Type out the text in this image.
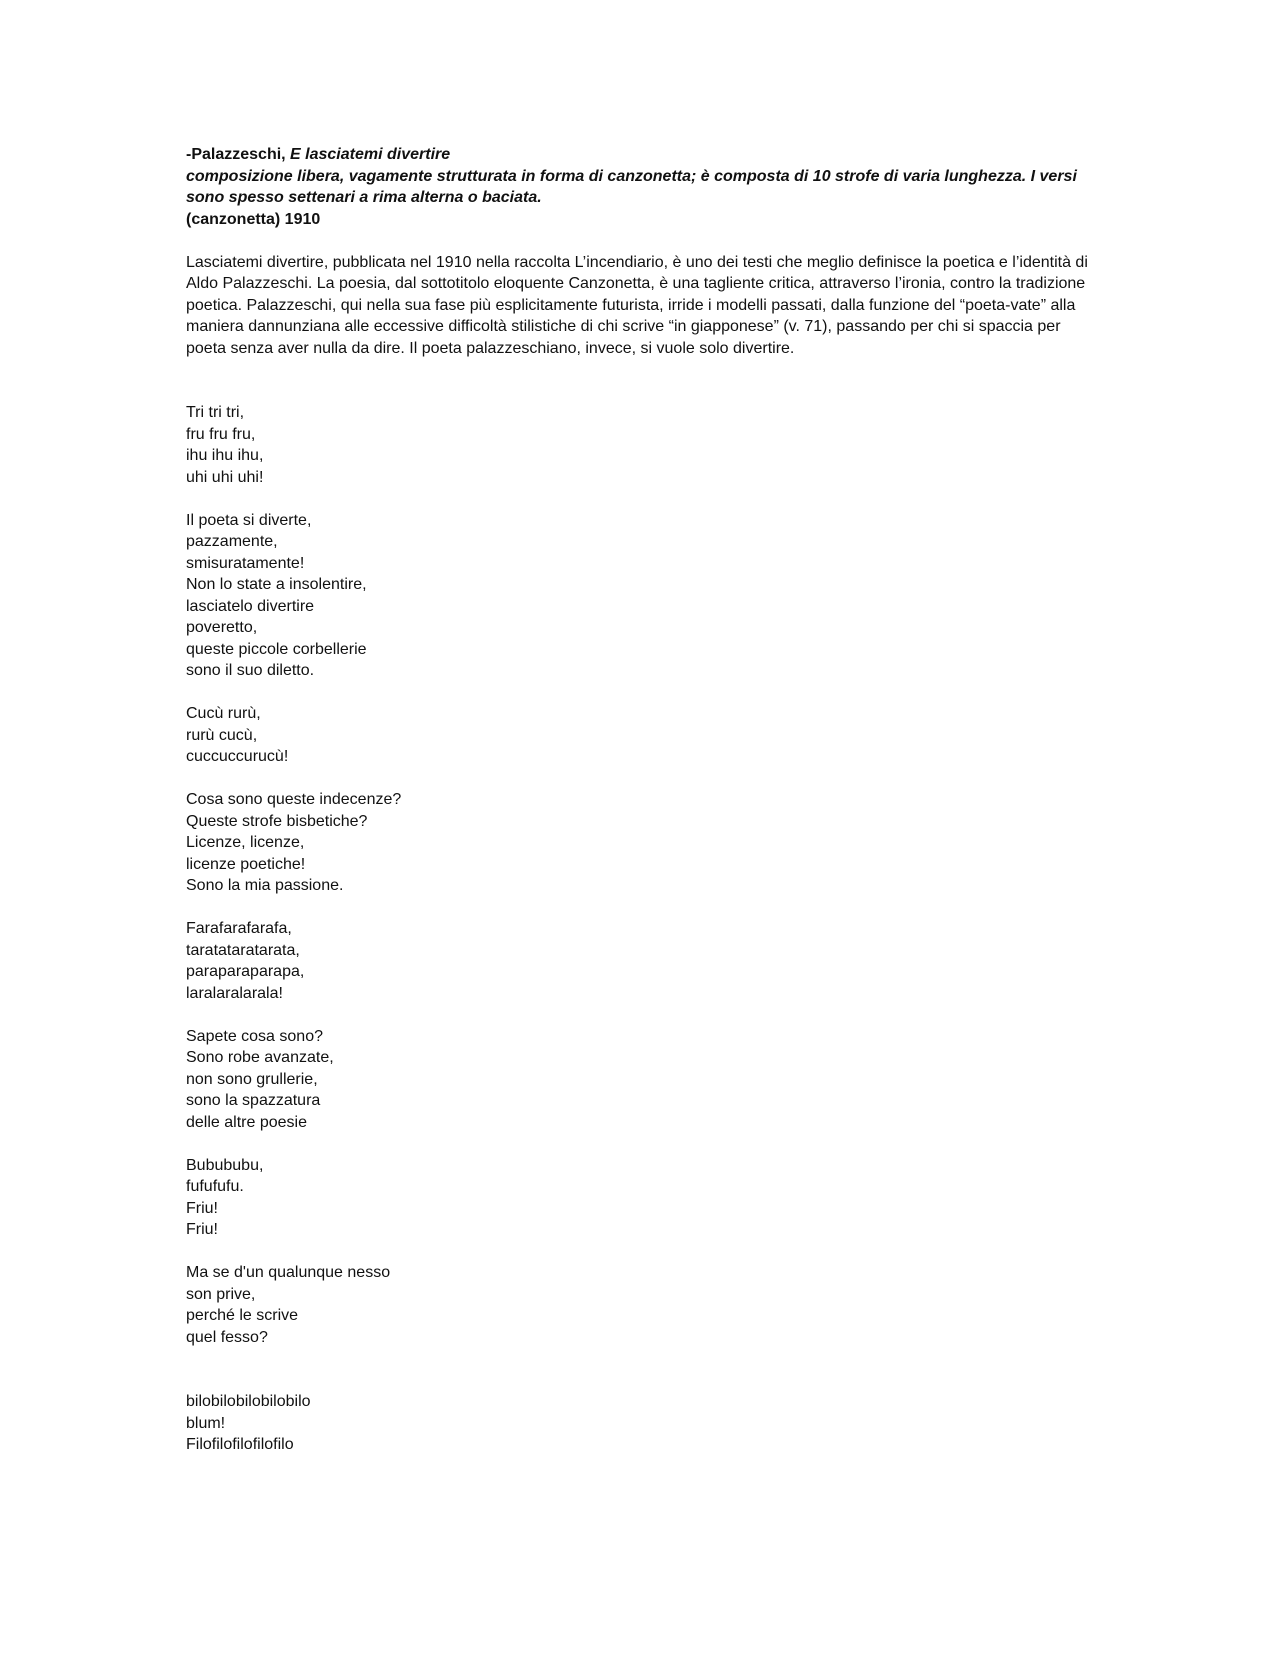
-Palazzeschi, E lasciatemi divertire

composizione libera, vagamente strutturata in forma di canzonetta; è composta di 10 strofe di varia lunghezza. I versi sono spesso settenari a rima alterna o baciata.

(canzonetta) 1910

Lasciatemi divertire, pubblicata nel 1910 nella raccolta L’incendiario, è uno dei testi che meglio definisce la poetica e l’identità di Aldo Palazzeschi. La poesia, dal sottotitolo eloquente Canzonetta, è una tagliente critica, attraverso l’ironia, contro la tradizione poetica. Palazzeschi, qui nella sua fase più esplicitamente futurista, irride i modelli passati, dalla funzione del “poeta-vate” alla maniera dannunziana alle eccessive difficoltà stilistiche di chi scrive “in giapponese” (v. 71), passando per chi si spaccia per poeta senza aver nulla da dire. Il poeta palazzeschiano, invece, si vuole solo divertire.

Tri tri tri,
fru fru fru,
ihu ihu ihu,
uhi uhi uhi!
Il poeta si diverte,
pazzamente,
smisuratamente!
Non lo state a insolentire,
lasciatelo divertire
poveretto,
queste piccole corbellerie
sono il suo diletto.
Cucù rurù,
rurù cucù,
cuccuccurucù!
Cosa sono queste indecenze?
Queste strofe bisbetiche?
Licenze, licenze,
licenze poetiche!
Sono la mia passione.
Farafarafarafa,
taratataratarata,
paraparaparapa,
laralaralarala!
Sapete cosa sono?
Sono robe avanzate,
non sono grullerie,
sono la spazzatura
delle altre poesie
Bubububu,
fufufufu.
Friu!
Friu!
Ma se d'un qualunque nesso
son prive,
perché le scrive
quel fesso?
bilobilobilobilobilo
blum!
Filofilofilofilofilo
